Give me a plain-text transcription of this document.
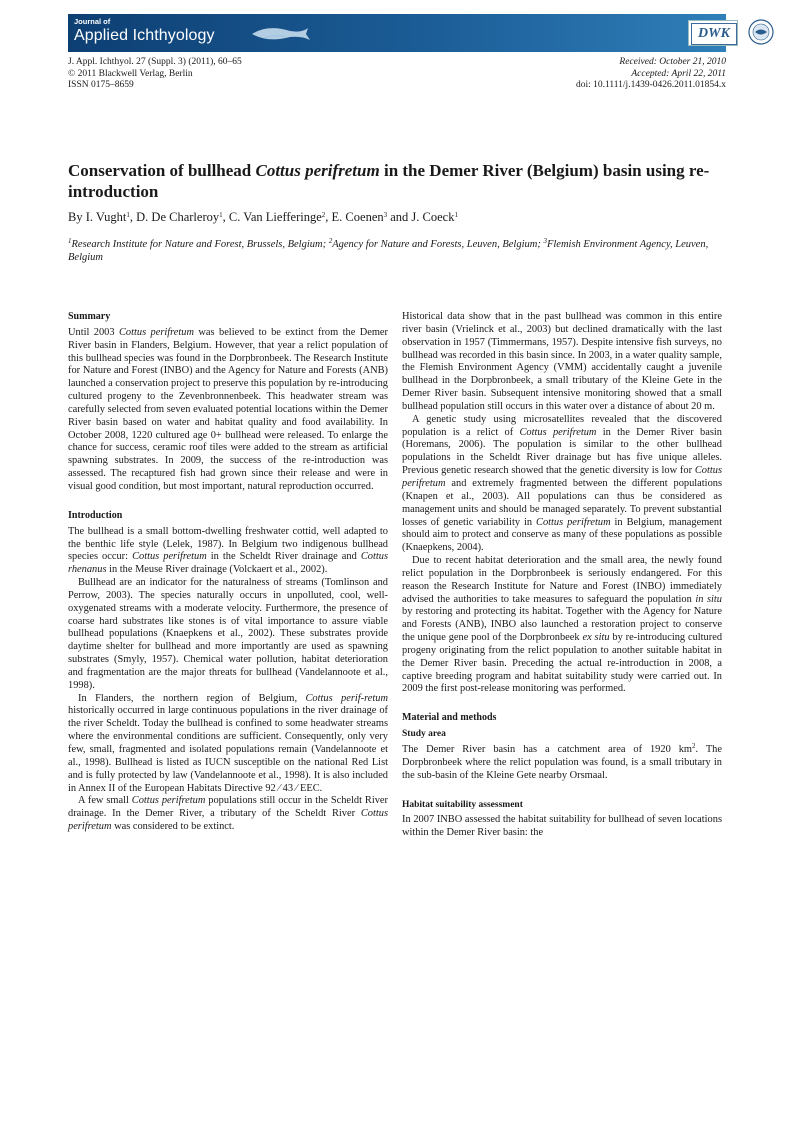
Journal of
Applied Ichthyology	DWK
J. Appl. Ichthyol. 27 (Suppl. 3) (2011), 60–65
© 2011 Blackwell Verlag, Berlin
ISSN 0175–8659
Received: October 21, 2010
Accepted: April 22, 2011
doi: 10.1111/j.1439-0426.2011.01854.x
Conservation of bullhead Cottus perifretum in the Demer River (Belgium) basin using re-introduction
By I. Vught$^1$, D. De Charleroy$^1$, C. Van Liefferinge$^2$, E. Coenen$^3$ and J. Coeck$^1$
$^1$Research Institute for Nature and Forest, Brussels, Belgium; $^2$Agency for Nature and Forests, Leuven, Belgium; $^3$Flemish Environment Agency, Leuven, Belgium
Summary

Until 2003 Cottus perifretum was believed to be extinct from the Demer River basin in Flanders, Belgium. However, that year a relict population of this bullhead species was found in the Dorpbronbeek. The Research Institute for Nature and Forest (INBO) and the Agency for Nature and Forests (ANB) launched a conservation project to preserve this population by re-introducing cultured progeny to the Zevenbronnenbeek. This headwater stream was carefully selected from seven evaluated potential locations within the Demer River basin based on water and habitat quality and food availability. In October 2008, 1220 cultured age 0+ bullhead were released. To enlarge the chance for success, ceramic roof tiles were added to the stream as artificial spawning substrates. In 2009, the success of the re-introduction was assessed. The recaptured fish had grown since their release and were in visual good condition, but most important, natural reproduction occurred.

Introduction

The bullhead is a small bottom-dwelling freshwater cottid, well adapted to the benthic life style (Lelek, 1987). In Belgium two indigenous bullhead species occur: Cottus perifretum in the Scheldt River drainage and Cottus rhenanus in the Meuse River drainage (Volckaert et al., 2002).

Bullhead are an indicator for the naturalness of streams (Tomlinson and Perrow, 2003). The species naturally occurs in unpolluted, cool, well-oxygenated streams with a moderate velocity. Furthermore, the presence of coarse hard substrates like stones is of vital importance to assure viable bullhead populations (Knaepkens et al., 2002). These substrates provide daytime shelter for bullhead and more importantly are used as spawning substrates (Smyly, 1957). Chemical water pollution, habitat deterioration and fragmentation are the major threats for bullhead (Vandelannoote et al., 1998).

In Flanders, the northern region of Belgium, Cottus perif-retum historically occurred in large continuous populations in the river drainage of the river Scheldt. Today the bullhead is confined to some headwater streams where the environmental conditions are sufficient. Consequently, only very few, small, fragmented and isolated populations remain (Vandelannoote et al., 1998). Bullhead is listed as IUCN susceptible on the national Red List and is fully protected by law (Vandelannoote et al., 1998). It is also included in Annex II of the European Habitats Directive 92 ⁄ 43 ⁄ EEC.

A few small Cottus perifretum populations still occur in the Scheldt River drainage. In the Demer River, a tributary of the Scheldt River Cottus perifretum was considered to be extinct.

Historical data show that in the past bullhead was common in this entire river basin (Vrielinck et al., 2003) but declined dramatically with the last observation in 1957 (Timmermans, 1957). Despite intensive fish surveys, no bullhead was recorded in this basin since. In 2003, in a water quality sample, the Flemish Environment Agency (VMM) accidentally caught a juvenile bullhead in the Dorpbronbeek, a small tributary of the Kleine Gete in the Demer River basin. Subsequent intensive monitoring showed that a small bullhead population still occurs in this water over a distance of about 20 m.

A genetic study using microsatellites revealed that the discovered population is a relict of Cottus perifretum in the Demer River basin (Horemans, 2006). The population is similar to the other bullhead populations in the Scheldt River drainage but has five unique alleles. Previous genetic research showed that the genetic diversity is low for Cottus perifretum and extremely fragmented between the different populations (Knapen et al., 2003). All populations can thus be considered as management units and should be managed separately. To prevent substantial losses of genetic variability in Cottus perifretum in Belgium, management should aim to protect and conserve as many of these populations as possible (Knaepkens, 2004).

Due to recent habitat deterioration and the small area, the newly found relict population in the Dorpbronbeek is seriously endangered. For this reason the Research Institute for Nature and Forest (INBO) immediately advised the authorities to take measures to safeguard the population in situ by restoring and protecting its habitat. Together with the Agency for Nature and Forests (ANB), INBO also launched a restoration project to conserve the unique gene pool of the Dorpbronbeek ex situ by re-introducing cultured progeny originating from the relict population to another suitable habitat in the Demer River basin. Preceding the actual re-introduction in 2008, a captive breeding program and habitat suitability study were carried out. In 2009 the first post-release monitoring was performed.

Material and methods
Study area

The Demer River basin has a catchment area of 1920 $km^2$. The Dorpbronbeek where the relict population was found, is a small tributary in the sub-basin of the Kleine Gete nearby Orsmaal.

Habitat suitability assessment

In 2007 INBO assessed the habitat suitability for bullhead of seven locations within the Demer River basin: the
